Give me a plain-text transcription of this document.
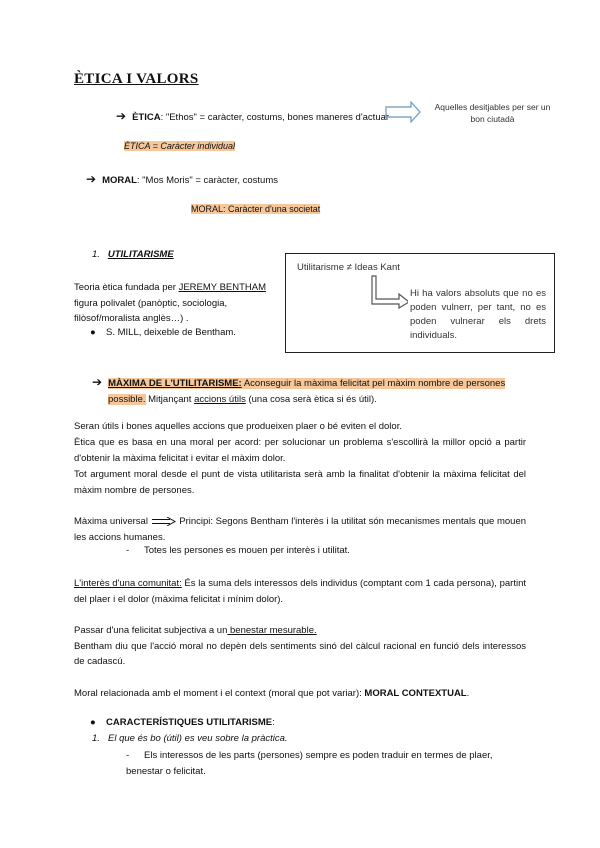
ÈTICA I VALORS
➔ ÈTICA: "Ethos" = caràcter, costums, bones maneres d'actuar
Aquelles desitjables per ser un bon ciutadà
ÈTICA = Caràcter individual
➔ MORAL: "Mos Moris" = caràcter, costums
MORAL: Caràcter d'una societat
1. UTILITARISME
Teoria ètica fundada per JEREMY BENTHAM
figura polivalet (panòptic, sociologia,
filòsof/moralista anglès…) .
● S. MILL, deixeble de Bentham.
Utilitarisme ≠ Ideas Kant
Hi ha valors absoluts que no es poden vulnerr, per tant, no es poden vulnerar els drets individuals.
➔ MÀXIMA DE L'UTILITARISME: Aconseguir la màxima felicitat pel màxim nombre de persones
possible. Mitjançant accions útils (una cosa serà ètica si és útil).
Seran útils i bones aquelles accions que produeixen plaer o bé eviten el dolor.
Ètica que es basa en una moral per acord: per solucionar un problema s'escollirà la millor opció a partir d'obtenir la màxima felicitat i evitar el màxim dolor.
Tot argument moral desde el punt de vista utilitarista serà amb la finalitat d'obtenir la màxima felicitat del màxim nombre de persones.
Màxima universal	Principi: Segons Bentham l'interès i la utilitat són mecanismes mentals que mouen les accions humanes.
- Totes les persones es mouen per interès i utilitat.
L'interès d'una comunitat: És la suma dels interessos dels individus (comptant com 1 cada persona), partint del plaer i el dolor (màxima felicitat i mínim dolor).
Passar d'una felicitat subjectiva a un benestar mesurable.
Bentham diu que l'acció moral no depèn dels sentiments sinó del càlcul racional en funció dels interessos de cadascú.
Moral relacionada amb el moment i el context (moral que pot variar): MORAL CONTEXTUAL.
● CARACTERÍSTIQUES UTILITARISME:
1. El que és bo (útil) es veu sobre la pràctica.
- Els interessos de les parts (persones) sempre es poden traduir en termes de plaer, benestar o felicitat.
